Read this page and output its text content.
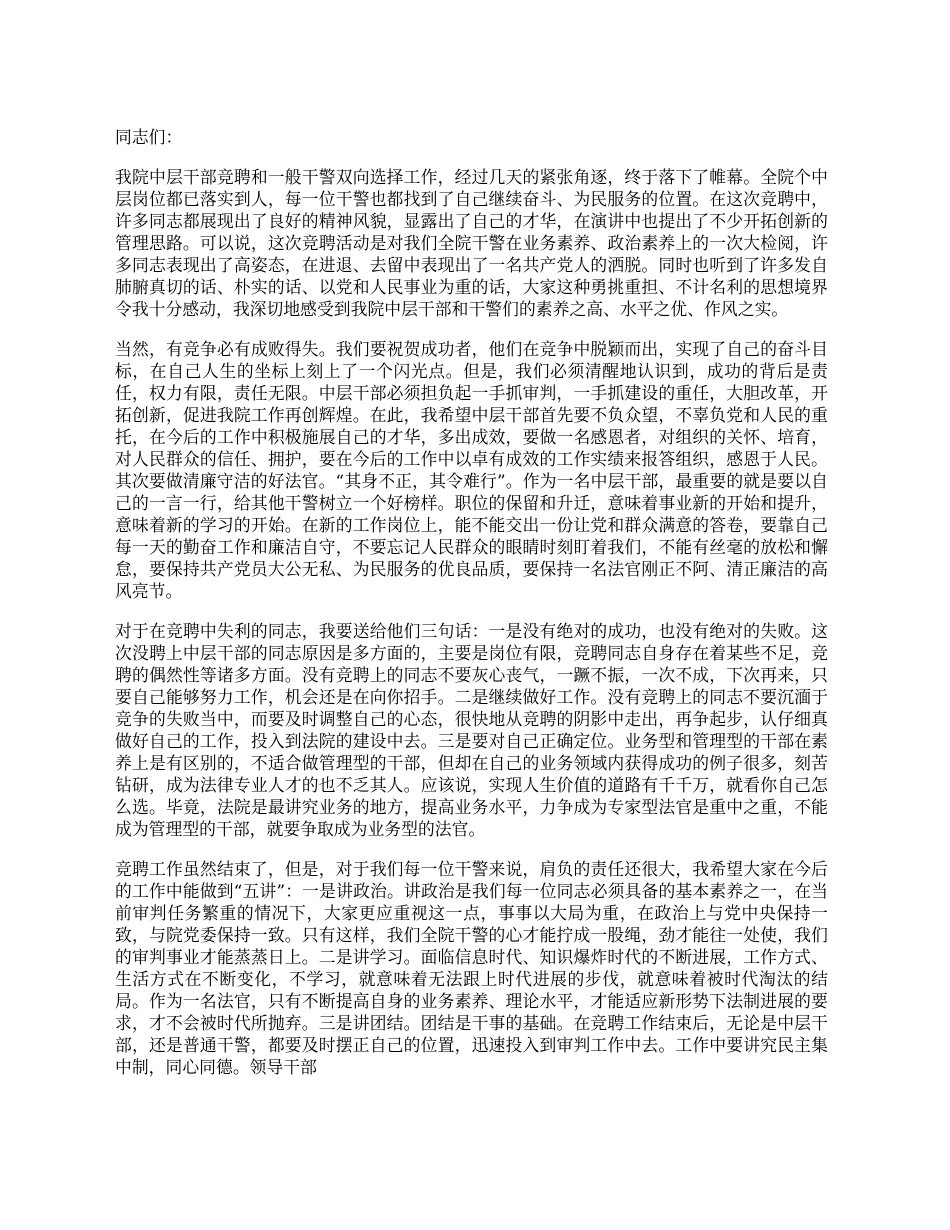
同志们：

我院中层干部竞聘和一般干警双向选择工作，经过几天的紧张角逐，终于落下了帷幕。全院个中层岗位都已落实到人，每一位干警也都找到了自己继续奋斗、为民服务的位置。在这次竞聘中，许多同志都展现出了良好的精神风貌，显露出了自己的才华，在演讲中也提出了不少开拓创新的管理思路。可以说，这次竞聘活动是对我们全院干警在业务素养、政治素养上的一次大检阅，许多同志表现出了高姿态，在进退、去留中表现出了一名共产党人的洒脱。同时也听到了许多发自肺腑真切的话、朴实的话、以党和人民事业为重的话，大家这种勇挑重担、不计名利的思想境界令我十分感动，我深切地感受到我院中层干部和干警们的素养之高、水平之优、作风之实。

当然，有竞争必有成败得失。我们要祝贺成功者，他们在竞争中脱颖而出，实现了自己的奋斗目标，在自己人生的坐标上刻上了一个闪光点。但是，我们必须清醒地认识到，成功的背后是责任，权力有限，责任无限。中层干部必须担负起一手抓审判，一手抓建设的重任，大胆改革，开拓创新，促进我院工作再创辉煌。在此，我希望中层干部首先要不负众望，不辜负党和人民的重托，在今后的工作中积极施展自己的才华，多出成效，要做一名感恩者，对组织的关怀、培育，对人民群众的信任、拥护，要在今后的工作中以卓有成效的工作实绩来报答组织，感恩于人民。其次要做清廉守洁的好法官。“其身不正，其令难行”。作为一名中层干部，最重要的就是要以自己的一言一行，给其他干警树立一个好榜样。职位的保留和升迁，意味着事业新的开始和提升，意味着新的学习的开始。在新的工作岗位上，能不能交出一份让党和群众满意的答卷，要靠自己每一天的勤奋工作和廉洁自守，不要忘记人民群众的眼睛时刻盯着我们，不能有丝毫的放松和懈怠，要保持共产党员大公无私、为民服务的优良品质，要保持一名法官刚正不阿、清正廉洁的高风亮节。

对于在竞聘中失利的同志，我要送给他们三句话：一是没有绝对的成功，也没有绝对的失败。这次没聘上中层干部的同志原因是多方面的，主要是岗位有限，竞聘同志自身存在着某些不足，竞聘的偶然性等诸多方面。没有竞聘上的同志不要灰心丧气，一蹶不振，一次不成，下次再来，只要自己能够努力工作，机会还是在向你招手。二是继续做好工作。没有竞聘上的同志不要沉湎于竞争的失败当中，而要及时调整自己的心态，很快地从竞聘的阴影中走出，再争起步，认仔细真做好自己的工作，投入到法院的建设中去。三是要对自己正确定位。业务型和管理型的干部在素养上是有区别的，不适合做管理型的干部，但却在自己的业务领域内获得成功的例子很多，刻苦钻研，成为法律专业人才的也不乏其人。应该说，实现人生价值的道路有千千万，就看你自己怎么选。毕竟，法院是最讲究业务的地方，提高业务水平，力争成为专家型法官是重中之重，不能成为管理型的干部，就要争取成为业务型的法官。

竞聘工作虽然结束了，但是，对于我们每一位干警来说，肩负的责任还很大，我希望大家在今后的工作中能做到“五讲”：一是讲政治。讲政治是我们每一位同志必须具备的基本素养之一，在当前审判任务繁重的情况下，大家更应重视这一点，事事以大局为重，在政治上与党中央保持一致，与院党委保持一致。只有这样，我们全院干警的心才能拧成一股绳，劲才能往一处使，我们的审判事业才能蒸蒸日上。二是讲学习。面临信息时代、知识爆炸时代的不断进展，工作方式、生活方式在不断变化，不学习，就意味着无法跟上时代进展的步伐，就意味着被时代淘汰的结局。作为一名法官，只有不断提高自身的业务素养、理论水平，才能适应新形势下法制进展的要求，才不会被时代所抛弃。三是讲团结。团结是干事的基础。在竞聘工作结束后，无论是中层干部，还是普通干警，都要及时摆正自己的位置，迅速投入到审判工作中去。工作中要讲究民主集中制，同心同德。领导干部
